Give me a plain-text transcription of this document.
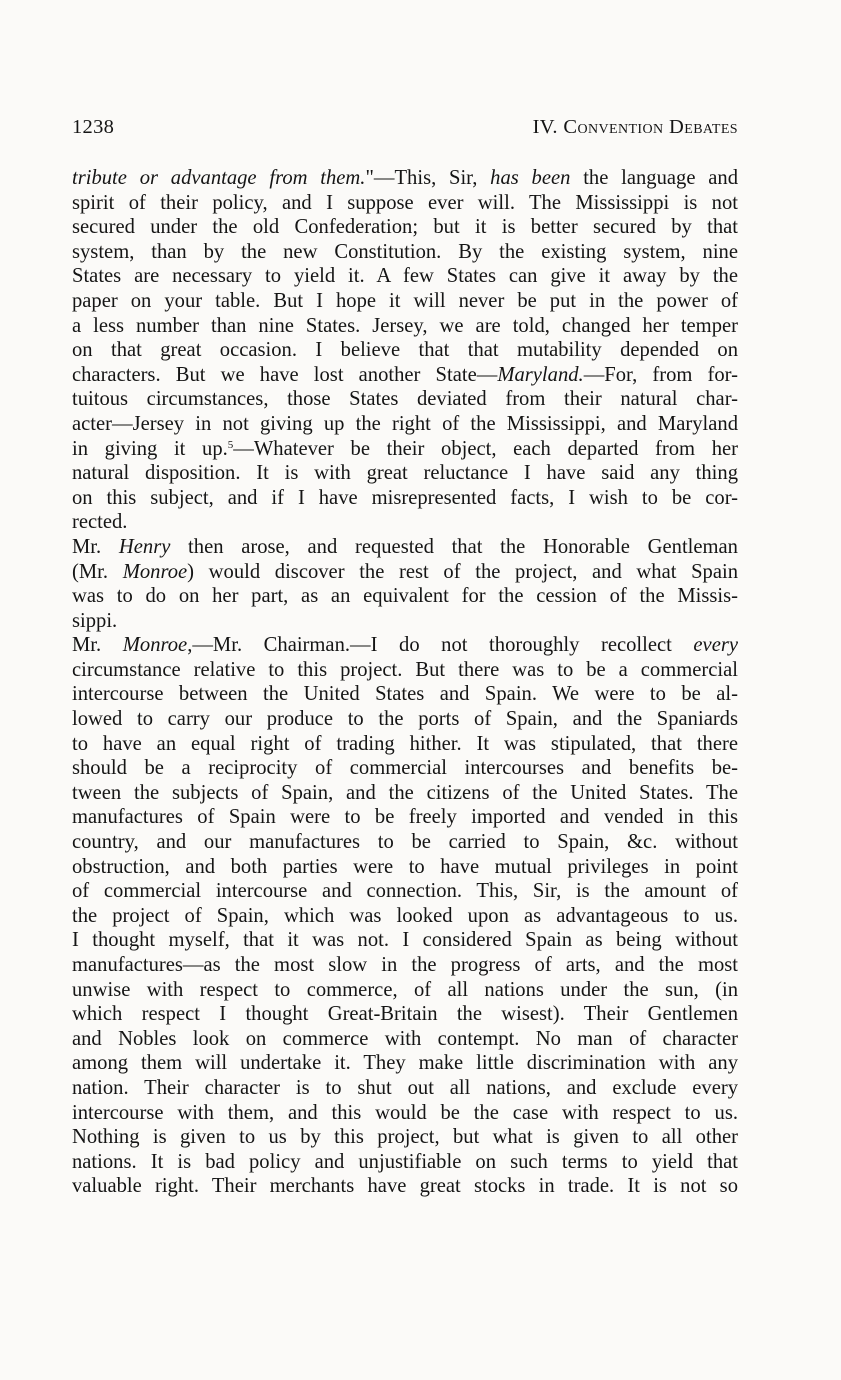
1238	IV. Convention Debates
tribute or advantage from them."—This, Sir, has been the language and
spirit of their policy, and I suppose ever will. The Mississippi is not
secured under the old Confederation; but it is better secured by that
system, than by the new Constitution. By the existing system, nine
States are necessary to yield it. A few States can give it away by the
paper on your table. But I hope it will never be put in the power of
a less number than nine States. Jersey, we are told, changed her temper
on that great occasion. I believe that that mutability depended on
characters. But we have lost another State—Maryland.—For, from for-
tuitous circumstances, those States deviated from their natural char-
acter—Jersey in not giving up the right of the Mississippi, and Maryland
in giving it up.$^5$—Whatever be their object, each departed from her
natural disposition. It is with great reluctance I have said any thing
on this subject, and if I have misrepresented facts, I wish to be cor-
rected.
Mr. Henry then arose, and requested that the Honorable Gentleman
(Mr. Monroe) would discover the rest of the project, and what Spain
was to do on her part, as an equivalent for the cession of the Missis-
sippi.
Mr. Monroe,—Mr. Chairman.—I do not thoroughly recollect every
circumstance relative to this project. But there was to be a commercial
intercourse between the United States and Spain. We were to be al-
lowed to carry our produce to the ports of Spain, and the Spaniards
to have an equal right of trading hither. It was stipulated, that there
should be a reciprocity of commercial intercourses and benefits be-
tween the subjects of Spain, and the citizens of the United States. The
manufactures of Spain were to be freely imported and vended in this
country, and our manufactures to be carried to Spain, &c. without
obstruction, and both parties were to have mutual privileges in point
of commercial intercourse and connection. This, Sir, is the amount of
the project of Spain, which was looked upon as advantageous to us.
I thought myself, that it was not. I considered Spain as being without
manufactures—as the most slow in the progress of arts, and the most
unwise with respect to commerce, of all nations under the sun, (in
which respect I thought Great-Britain the wisest). Their Gentlemen
and Nobles look on commerce with contempt. No man of character
among them will undertake it. They make little discrimination with any
nation. Their character is to shut out all nations, and exclude every
intercourse with them, and this would be the case with respect to us.
Nothing is given to us by this project, but what is given to all other
nations. It is bad policy and unjustifiable on such terms to yield that
valuable right. Their merchants have great stocks in trade. It is not so
